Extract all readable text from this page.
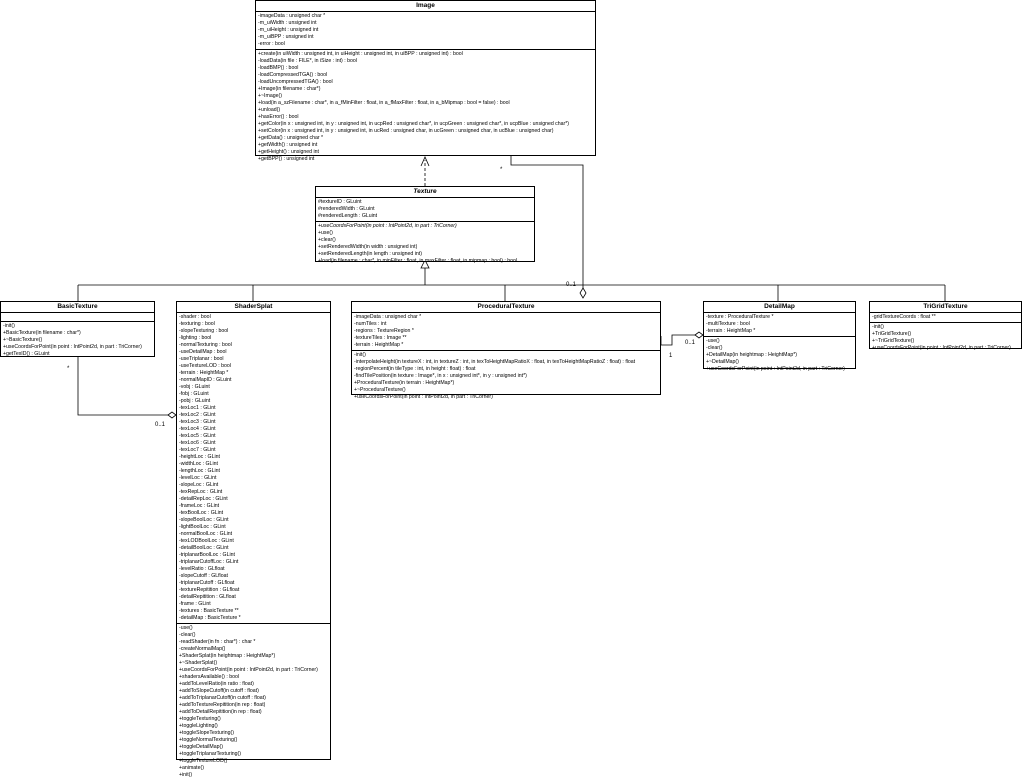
Image
-imageData : unsigned char *
-m_uiWidth : unsigned int
-m_uiHeight : unsigned int
-m_uiBPP : unsigned int
-error : bool
+create(in uiWidth : unsigned int, in uiHeight : unsigned int, in uiBPP : unsigned int) : bool
-loadData(in file : FILE*, in iSize : int) : bool
-loadBMP() : bool
-loadCompressedTGA() : bool
-loadUncompressedTGA() : bool
+Image(in filename : char*)
+~Image()
+load(in a_szFilename : char*, in a_fMinFilter : float, in a_fMaxFilter : float, in a_bMipmap : bool = false) : bool
+unload()
+hasError() : bool
+getColor(in x : unsigned int, in y : unsigned int, in ucpRed : unsigned char*, in ucpGreen : unsigned char*, in ucpBlue : unsigned char*)
+setColor(in x : unsigned int, in y : unsigned int, in ucRed : unsigned char, in ucGreen : unsigned char, in ucBlue : unsigned char)
+getData() : unsigned char *
+getWidth() : unsigned int
+getHeight() : unsigned int
+getBPP() : unsigned int
Texture
#textureID : GLuint
#renderedWidth : GLuint
#renderedLength : GLuint
+useCoordsForPoint(in point : IntPoint2d, in part : TriCorner)
+use()
+clear()
+setRenderedWidth(in width : unsigned int)
+setRenderedLength(in length : unsigned int)
+load(in filename : char*, in minFilter : float, in maxFilter : float, in mipmap : bool) : bool
BasicTexture
-init()
+BasicTexture(in filename : char*)
+~BasicTexture()
+useCoordsForPoint(in point : IntPoint2d, in part : TriCorner)
+getTexID() : GLuint
ShaderSplat
-shader : bool
-texturing : bool
-slopeTexturing : bool
-lighting : bool
-normalTexturing : bool
-useDetailMap : bool
-useTriplanar : bool
-useTextureLOD : bool
-terrain : HeightMap *
-normalMapID : GLuint
-vobj : GLuint
-fobj : GLuint
-pobj : GLuint
-texLoc1 : GLint
-texLoc2 : GLint
-texLoc3 : GLint
-texLoc4 : GLint
-texLoc5 : GLint
-texLoc6 : GLint
-texLoc7 : GLint
-heightLoc : GLint
-widthLoc : GLint
-lengthLoc : GLint
-levelLoc : GLint
-slopeLoc : GLint
-texRepLoc : GLint
-detailRepLoc : GLint
-frameLoc : GLint
-texBoolLoc : GLint
-slopeBoolLoc : GLint
-lightBoolLoc : GLint
-normalBoolLoc : GLint
-texLODBoolLoc : GLint
-detailBoolLoc : GLint
-triplanarBoolLoc : GLint
-triplanarCutoffLoc : GLint
-levelRatio : GLfloat
-slopeCutoff : GLfloat
-triplanarCutoff : GLfloat
-textureRepitition : GLfloat
-detailRepitition : GLfloat
-frame : GLint
-textures : BasicTexture **
-detailMap : BasicTexture *
-use()
-clear()
-readShader(in fn : char*) : char *
-createNormalMap()
+ShaderSplat(in heightmap : HeightMap*)
+~ShaderSplat()
+useCoordsForPoint(in point : IntPoint2d, in part : TriCorner)
+shadersAvailable() : bool
+addToLevelRatio(in ratio : float)
+addToSlopeCutoff(in cutoff : float)
+addToTriplanarCutoff(in cutoff : float)
+addToTextureRepitition(in rep : float)
+addToDetailRepitition(in rep : float)
+toggleTexturing()
+toggleLighting()
+toggleSlopeTexturing()
+toggleNormalTexturing()
+toggleDetailMap()
+toggleTriplanarTexturing()
+toggleTextureLOD()
+animate()
+init()
ProceduralTexture
-imageData : unsigned char *
-numTiles : int
-regions : TextureRegion *
-textureTiles : Image **
-terrain : HeightMap *
-init()
-interpolateHeight(in textureX : int, in textureZ : int, in texToHeightMapRatioX : float, in texToHeightMapRatioZ : float) : float
-regionPercent(in tileType : int, in height : float) : float
-findTilePosition(in texture : Image*, in x : unsigned int*, in y : unsigned int*)
+ProceduralTexture(in terrain : HeightMap*)
+~ProceduralTexture()
+useCoordsForPoint(in point : IntPoint2d, in part : TriCorner)
DetailMap
-texture : ProceduralTexture *
-multiTexture : bool
-terrain : HeightMap *
-use()
-clear()
+DetailMap(in heightmap : HeightMap*)
+~DetailMap()
+useCoordsForPoint(in point : IntPoint2d, in part : TriCorner)
TriGridTexture
-gridTextureCoords : float **
-init()
+TriGridTexture()
+~TriGridTexture()
+useCoordsForPoint(in point : IntPoint2d, in part : TriCorner)
*
0..1
*
0..1
0..1
1
